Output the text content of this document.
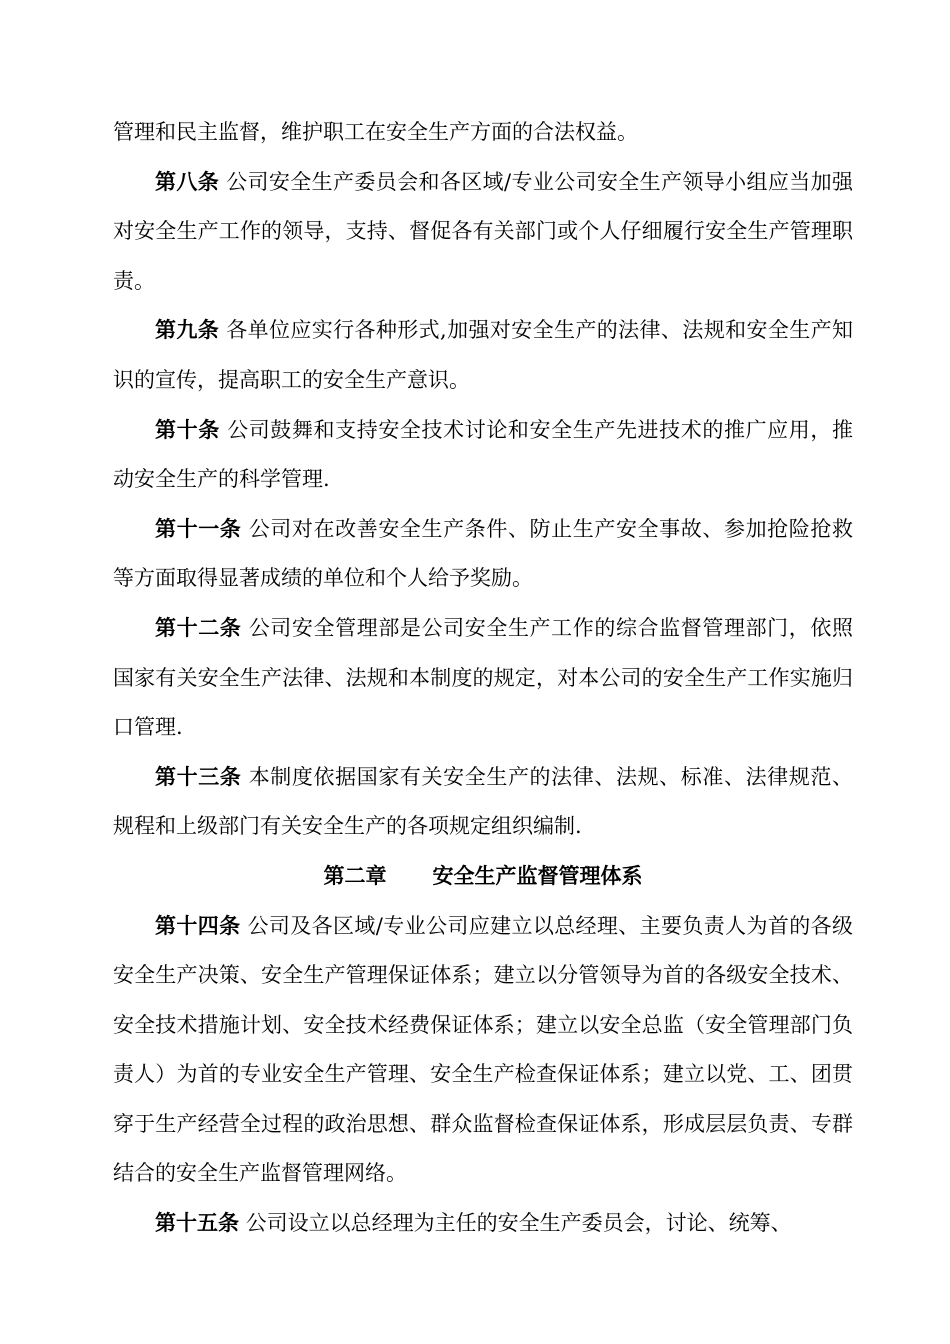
管理和民主监督，维护职工在安全生产方面的合法权益。

第八条 公司安全生产委员会和各区域/专业公司安全生产领导小组应当加强对安全生产工作的领导，支持、督促各有关部门或个人仔细履行安全生产管理职责。

第九条 各单位应实行各种形式,加强对安全生产的法律、法规和安全生产知识的宣传，提高职工的安全生产意识。

第十条 公司鼓舞和支持安全技术讨论和安全生产先进技术的推广应用，推动安全生产的科学管理.

第十一条 公司对在改善安全生产条件、防止生产安全事故、参加抢险抢救等方面取得显著成绩的单位和个人给予奖励。

第十二条 公司安全管理部是公司安全生产工作的综合监督管理部门，依照国家有关安全生产法律、法规和本制度的规定，对本公司的安全生产工作实施归口管理.

第十三条 本制度依据国家有关安全生产的法律、法规、标准、法律规范、规程和上级部门有关安全生产的各项规定组织编制.

第二章 安全生产监督管理体系

第十四条 公司及各区域/专业公司应建立以总经理、主要负责人为首的各级安全生产决策、安全生产管理保证体系；建立以分管领导为首的各级安全技术、安全技术措施计划、安全技术经费保证体系；建立以安全总监（安全管理部门负责人）为首的专业安全生产管理、安全生产检查保证体系；建立以党、工、团贯穿于生产经营全过程的政治思想、群众监督检查保证体系，形成层层负责、专群结合的安全生产监督管理网络。

第十五条 公司设立以总经理为主任的安全生产委员会，讨论、统筹、
